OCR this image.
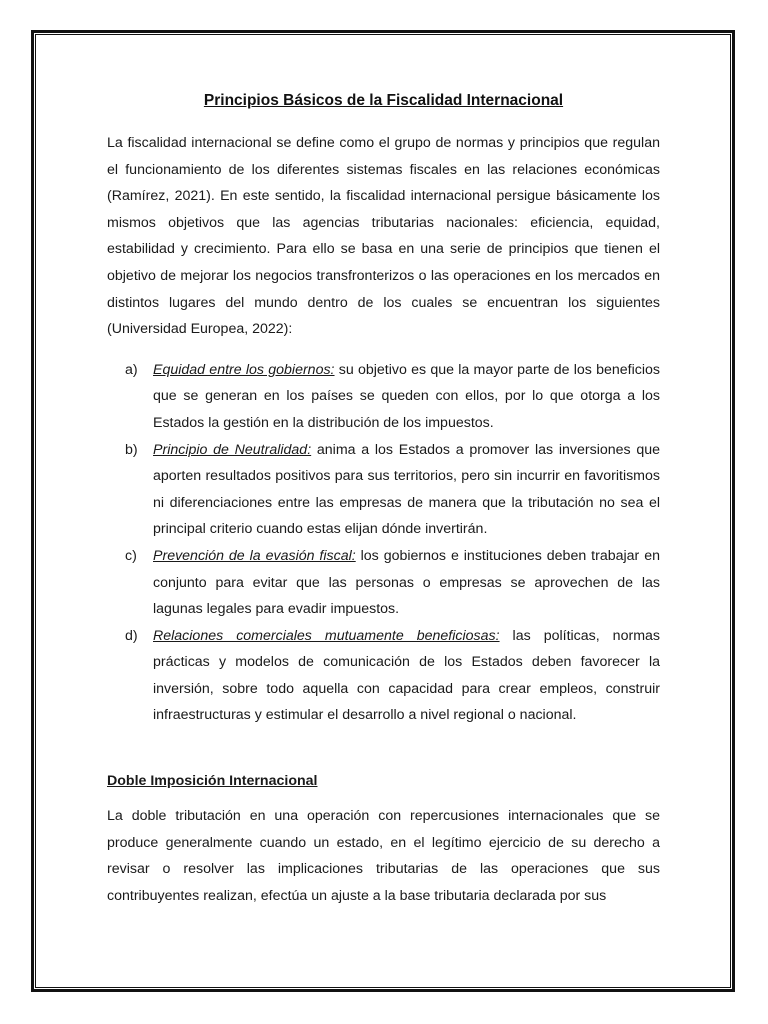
Principios Básicos de la Fiscalidad Internacional

La fiscalidad internacional se define como el grupo de normas y principios que regulan el funcionamiento de los diferentes sistemas fiscales en las relaciones económicas (Ramírez, 2021). En este sentido, la fiscalidad internacional persigue básicamente los mismos objetivos que las agencias tributarias nacionales: eficiencia, equidad, estabilidad y crecimiento. Para ello se basa en una serie de principios que tienen el objetivo de mejorar los negocios transfronterizos o las operaciones en los mercados en distintos lugares del mundo dentro de los cuales se encuentran los siguientes (Universidad Europea, 2022):

a) Equidad entre los gobiernos: su objetivo es que la mayor parte de los beneficios que se generan en los países se queden con ellos, por lo que otorga a los Estados la gestión en la distribución de los impuestos.
b) Principio de Neutralidad: anima a los Estados a promover las inversiones que aporten resultados positivos para sus territorios, pero sin incurrir en favoritismos ni diferenciaciones entre las empresas de manera que la tributación no sea el principal criterio cuando estas elijan dónde invertirán.
c) Prevención de la evasión fiscal: los gobiernos e instituciones deben trabajar en conjunto para evitar que las personas o empresas se aprovechen de las lagunas legales para evadir impuestos.
d) Relaciones comerciales mutuamente beneficiosas: las políticas, normas prácticas y modelos de comunicación de los Estados deben favorecer la inversión, sobre todo aquella con capacidad para crear empleos, construir infraestructuras y estimular el desarrollo a nivel regional o nacional.
Doble Imposición Internacional

La doble tributación en una operación con repercusiones internacionales que se produce generalmente cuando un estado, en el legítimo ejercicio de su derecho a revisar o resolver las implicaciones tributarias de las operaciones que sus contribuyentes realizan, efectúa un ajuste a la base tributaria declarada por sus
